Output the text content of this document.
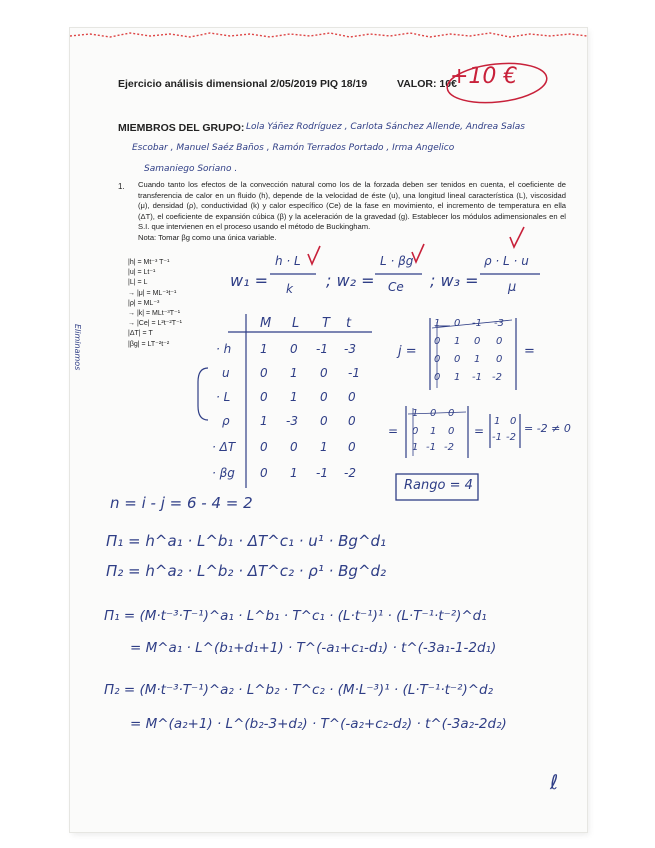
Ejercicio análisis dimensional 2/05/2019 PIQ 18/19	VALOR: 10€
+10 €
MIEMBROS DEL GRUPO: Lola Yáñez Rodríguez , Carlota Sánchez Allende, Andrea Salas
Escobar , Manuel Saéz Baños , Ramón Terrados Portado , Irma Angelico
Samaniego Soriano .
1. Cuando tanto los efectos de la convección natural como los de la forzada deben ser tenidos en cuenta, el coeficiente de transferencia de calor en un fluido (h), depende de la velocidad de éste (u), una longitud lineal característica (L), viscosidad (μ), densidad (ρ), conductividad (k) y calor específico (Ce) de la fase en movimiento, el incremento de temperatura en ella (ΔT), el coeficiente de expansión cúbica (β) y la aceleración de la gravedad (g). Establecer los módulos adimensionales en el S.I. que intervienen en el proceso usando el método de Buckingham.
Nota: Tomar βg como una única variable.
|h| = Mt⁻³ T⁻¹
|u| = Lt⁻¹
|L| = L
→ |μ| = ML⁻¹t⁻¹
|ρ| = ML⁻³
→ |k| = MLt⁻³T⁻¹
→ |Ce| = L²t⁻²T⁻¹
|ΔT| = T
|βg| = LT⁻²t⁻²
Eliminamos
w₁ =
h · L
k ; w₂ =
L · βg
Ce ; w₃ =
ρ · L · u
μ
M L T t
· h 1 0 -1 -3
u	0 1 0 -1
· L 0 1 0 0
ρ	1 -3 0 0
· ΔT 0 0 1 0
· βg 0 1 -1 -2
j =	=
1 0 -1 -3
0 1 0 0
0 0 1 0
0 1 -1 -2
=
1 0 0
0 1 0
1 -1 -2
=
1 0
-1 -2
= -2 ≠ 0
Rango = 4
n = i - j = 6 - 4 = 2
Π₁ = h^a₁ · L^b₁ · ΔT^c₁ · u¹ · Bg^d₁
Π₂ = h^a₂ · L^b₂ · ΔT^c₂ · ρ¹ · Bg^d₂
Π₁ = (M·t⁻³·T⁻¹)^a₁ · L^b₁ · T^c₁ · (L·t⁻¹)¹ · (L·T⁻¹·t⁻²)^d₁
= M^a₁ · L^(b₁+d₁+1) · T^(-a₁+c₁-d₁) · t^(-3a₁-1-2d₁)
Π₂ = (M·t⁻³·T⁻¹)^a₂ · L^b₂ · T^c₂ · (M·L⁻³)¹ · (L·T⁻¹·t⁻²)^d₂
= M^(a₂+1) · L^(b₂-3+d₂) · T^(-a₂+c₂-d₂) · t^(-3a₂-2d₂)
ℓ
